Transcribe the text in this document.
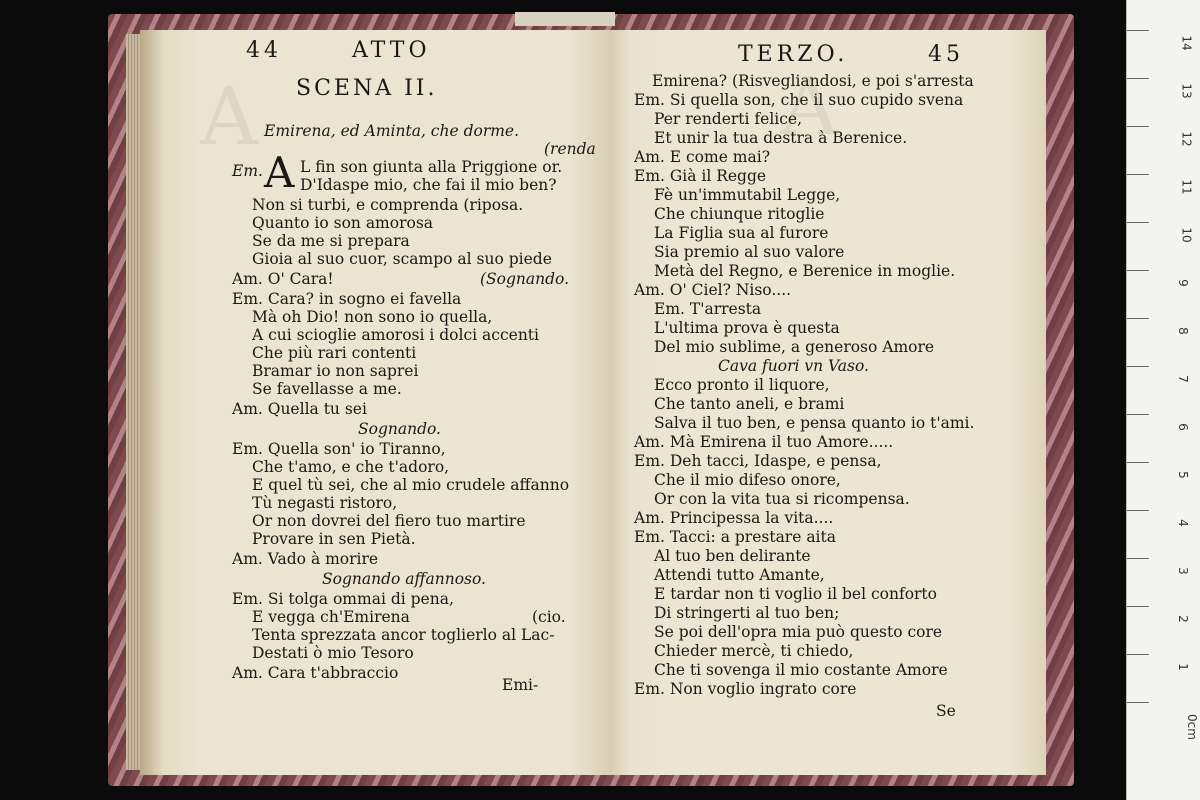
A
44	ATTO
SCENA II.
Emirena, ed Aminta, che dorme.
(renda
Em. A L fin son giunta alla Priggione or.
D'Idaspe mio, che fai il mio ben?
Non si turbi, e comprenda (riposa.
Quanto io son amorosa
Se da me si prepara
Gioia al suo cuor, scampo al suo piede
Am. O' Cara!	(Sognando.
Em. Cara? in sogno ei favella
Mà oh Dio! non sono io quella,
A cui scioglie amorosi i dolci accenti
Che più rari contenti
Bramar io non saprei
Se favellasse a me.
Am. Quella tu sei
Sognando.
Em. Quella son' io Tiranno,
Che t'amo, e che t'adoro,
E quel tù sei, che al mio crudele affanno
Tù negasti ristoro,
Or non dovrei del fiero tuo martire
Provare in sen Pietà.
Am. Vado à morire
Sognando affannoso.
Em. Si tolga ommai di pena,
E vegga ch'Emirena	(cio.
Tenta sprezzata ancor toglierlo al Lac-
Destati ò mio Tesoro
Am. Cara t'abbraccio
Emi-
A
TERZO.	45
Emirena? (Risvegliandosi, e poi s'arresta
Em. Si quella son, che il suo cupido svena
Per renderti felice,
Et unir la tua destra à Berenice.
Am. E come mai?
Em. Già il Regge
Fè un'immutabil Legge,
Che chiunque ritoglie
La Figlia sua al furore
Sia premio al suo valore
Metà del Regno, e Berenice in moglie.
Am. O' Ciel? Niso....
Em. T'arresta
L'ultima prova è questa
Del mio sublime, a generoso Amore
Cava fuori vn Vaso.
Ecco pronto il liquore,
Che tanto aneli, e brami
Salva il tuo ben, e pensa quanto io t'ami.
Am. Mà Emirena il tuo Amore.....
Em. Deh tacci, Idaspe, e pensa,
Che il mio difeso onore,
Or con la vita tua si ricompensa.
Am. Principessa la vita....
Em. Tacci: a prestare aita
Al tuo ben delirante
Attendi tutto Amante,
E tardar non ti voglio il bel conforto
Di stringerti al tuo ben;
Se poi dell'opra mia può questo core
Chieder mercè, ti chiedo,
Che ti sovenga il mio costante Amore
Em. Non voglio ingrato core
Se
14
13
12
11
10
9
8
7
6
5
4
3
2
1
0cm
